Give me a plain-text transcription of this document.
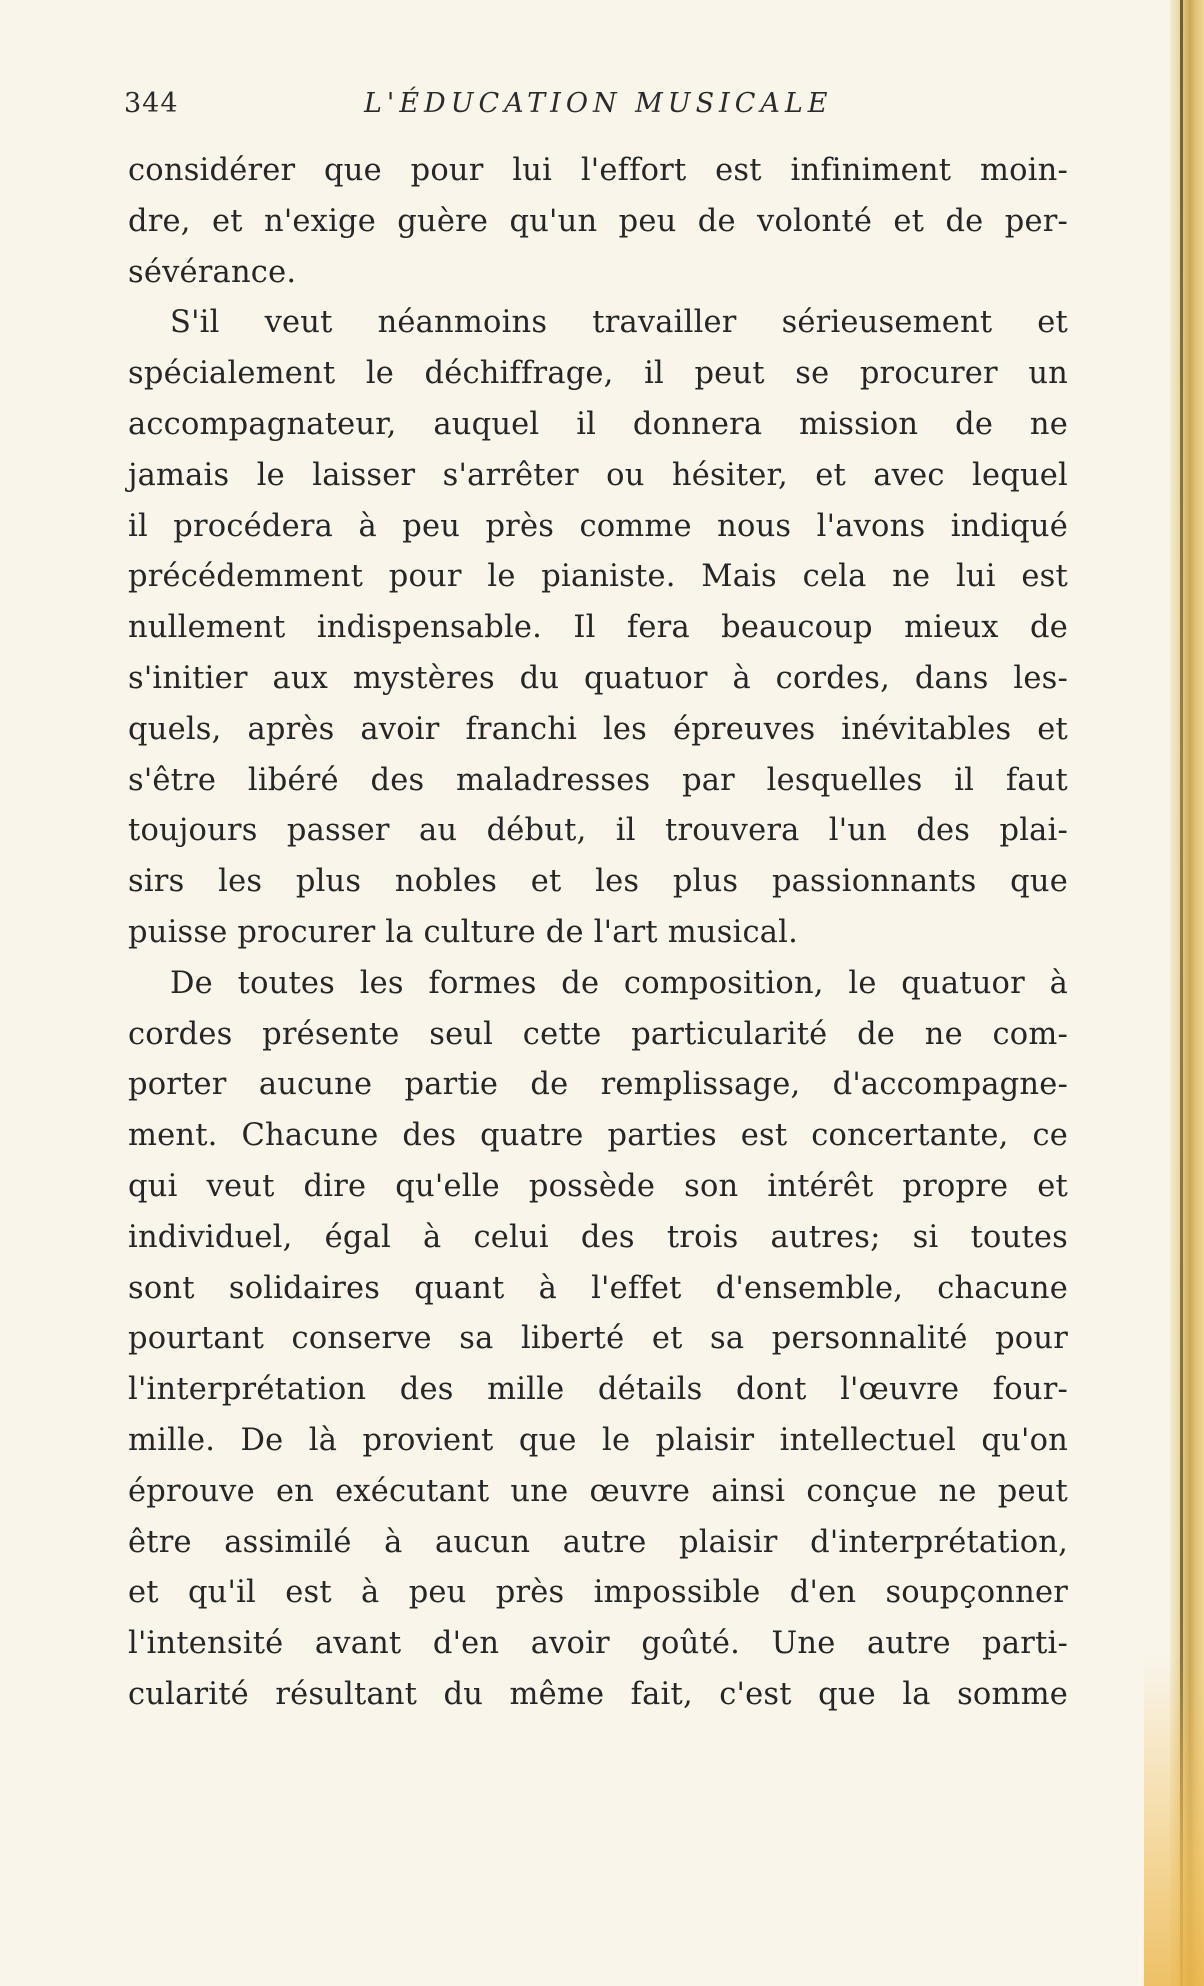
344	L'ÉDUCATION MUSICALE
considérer que pour lui l'effort est infiniment moin-
dre, et n'exige guère qu'un peu de volonté et de per-
sévérance.
S'il veut néanmoins travailler sérieusement et
spécialement le déchiffrage, il peut se procurer un
accompagnateur, auquel il donnera mission de ne
jamais le laisser s'arrêter ou hésiter, et avec lequel
il procédera à peu près comme nous l'avons indiqué
précédemment pour le pianiste. Mais cela ne lui est
nullement indispensable. Il fera beaucoup mieux de
s'initier aux mystères du quatuor à cordes, dans les-
quels, après avoir franchi les épreuves inévitables et
s'être libéré des maladresses par lesquelles il faut
toujours passer au début, il trouvera l'un des plai-
sirs les plus nobles et les plus passionnants que
puisse procurer la culture de l'art musical.
De toutes les formes de composition, le quatuor à
cordes présente seul cette particularité de ne com-
porter aucune partie de remplissage, d'accompagne-
ment. Chacune des quatre parties est concertante, ce
qui veut dire qu'elle possède son intérêt propre et
individuel, égal à celui des trois autres; si toutes
sont solidaires quant à l'effet d'ensemble, chacune
pourtant conserve sa liberté et sa personnalité pour
l'interprétation des mille détails dont l'œuvre four-
mille. De là provient que le plaisir intellectuel qu'on
éprouve en exécutant une œuvre ainsi conçue ne peut
être assimilé à aucun autre plaisir d'interprétation,
et qu'il est à peu près impossible d'en soupçonner
l'intensité avant d'en avoir goûté. Une autre parti-
cularité résultant du même fait, c'est que la somme
